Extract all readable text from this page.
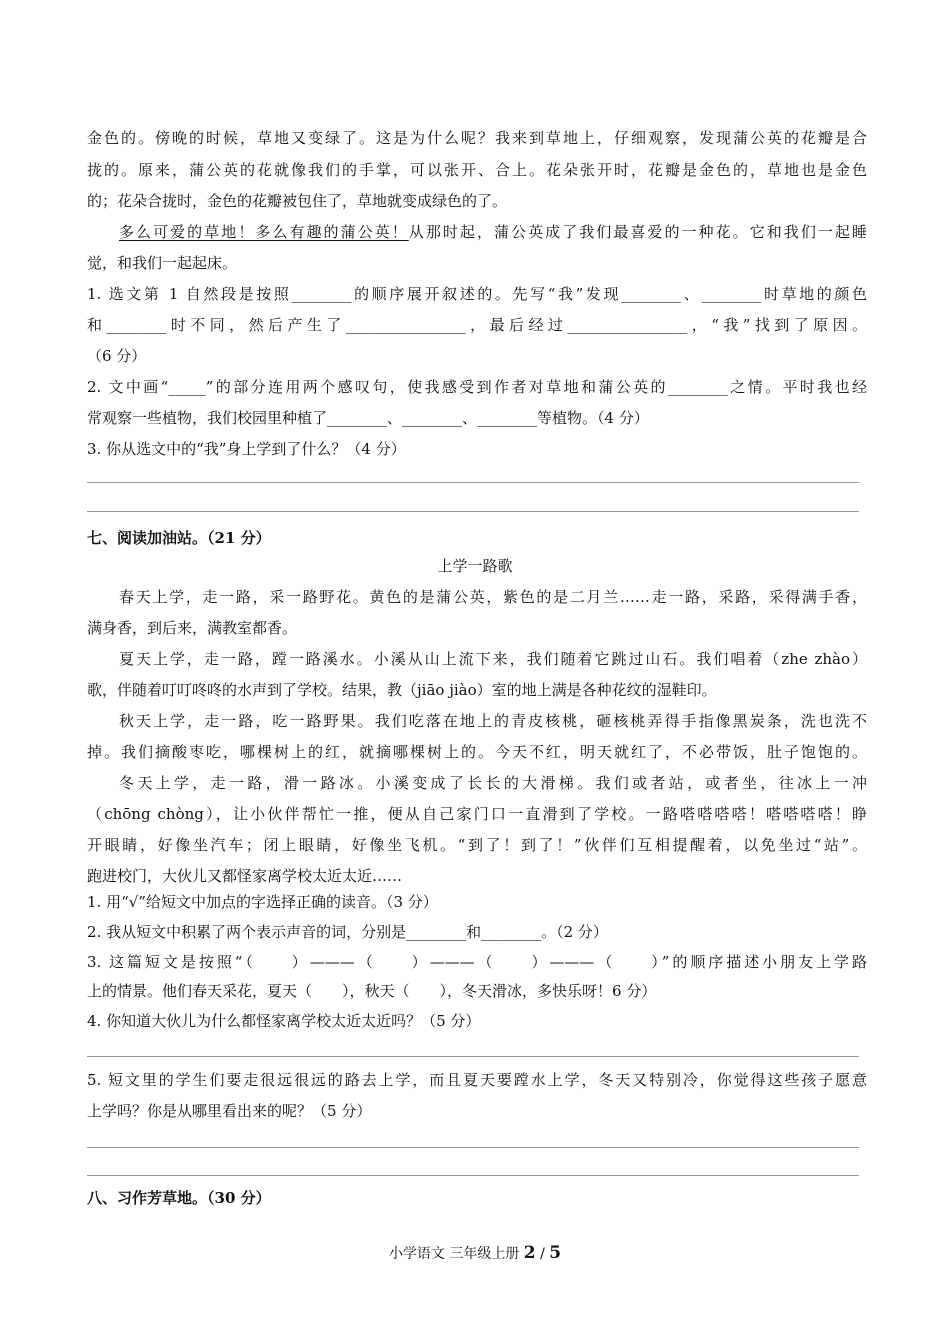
金色的。傍晚的时候，草地又变绿了。这是为什么呢？我来到草地上，仔细观察，发现蒲公英的花瓣是合
拢的。原来，蒲公英的花就像我们的手掌，可以张开、合上。花朵张开时，花瓣是金色的，草地也是金色
的；花朵合拢时，金色的花瓣被包住了，草地就变成绿色的了。
多么可爱的草地！多么有趣的蒲公英！从那时起，蒲公英成了我们最喜爱的一种花。它和我们一起睡
觉，和我们一起起床。
1. 选文第 1 自然段是按照________的顺序展开叙述的。先写“我”发现________、________时草地的颜色
和________时不同，然后产生了________________，最后经过________________，“我”找到了原因。
（6 分）
2. 文中画“_____”的部分连用两个感叹句，使我感受到作者对草地和蒲公英的________之情。平时我也经
常观察一些植物，我们校园里种植了________、________、________等植物。（4 分）
3. 你从选文中的“我”身上学到了什么？（4 分）
七、阅读加油站。（21 分）
上学一路歌
春天上学，走一路，采一路野花。黄色的是蒲公英，紫色的是二月兰……走一路，采路，采得满手香，
满身香，到后来，满教室都香。
夏天上学，走一路，蹚一路溪水。小溪从山上流下来，我们随着它跳过山石。我们唱着（zhe zhào）
歌，伴随着叮叮咚咚的水声到了学校。结果，教（jiāo jiào）室的地上满是各种花纹的湿鞋印。
秋天上学，走一路，吃一路野果。我们吃落在地上的青皮核桃，砸核桃弄得手指像黑炭条，洗也洗不
掉。我们摘酸枣吃，哪棵树上的红，就摘哪棵树上的。今天不红，明天就红了，不必带饭，肚子饱饱的。
冬天上学，走一路，滑一路冰。小溪变成了长长的大滑梯。我们或者站，或者坐，往冰上一冲
（chōng chòng），让小伙伴帮忙一推，便从自己家门口一直滑到了学校。一路嗒嗒嗒嗒！嗒嗒嗒嗒！睁
开眼睛，好像坐汽车；闭上眼睛，好像坐飞机。“到了！到了！”伙伴们互相提醒着，以免坐过“站”。
跑进校门，大伙儿又都怪家离学校太近太近……
1. 用“√”给短文中加点的字选择正确的读音。（3 分）
2. 我从短文中积累了两个表示声音的词，分别是________和________。（2 分）
3. 这篇短文是按照“（　　）———（　　）———（　　）———（　　）”的顺序描述小朋友上学路
上的情景。他们春天采花，夏天（　　），秋天（　　），冬天滑冰，多快乐呀！6 分）
4. 你知道大伙儿为什么都怪家离学校太近太近吗？（5 分）
5. 短文里的学生们要走很远很远的路去上学，而且夏天要蹚水上学，冬天又特别冷，你觉得这些孩子愿意
上学吗？你是从哪里看出来的呢？（5 分）
八、习作芳草地。（30 分）
小学语文 三年级上册 2 / 5
